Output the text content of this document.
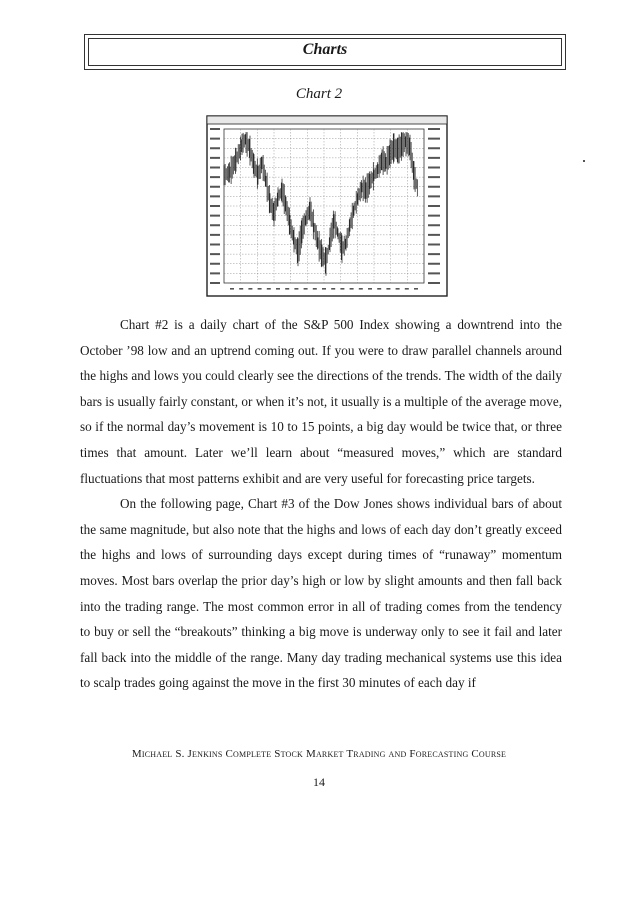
Charts
Chart 2

Chart #2 is a daily chart of the S&P 500 Index showing a downtrend into the October ’98 low and an uptrend coming out. If you were to draw parallel channels around the highs and lows you could clearly see the directions of the trends. The width of the daily bars is usually fairly constant, or when it’s not, it usually is a multiple of the average move, so if the normal day’s movement is 10 to 15 points, a big day would be twice that, or three times that amount. Later we’ll learn about “measured moves,” which are standard fluctuations that most patterns exhibit and are very useful for forecasting price targets.

On the following page, Chart #3 of the Dow Jones shows individual bars of about the same magnitude, but also note that the highs and lows of each day don’t greatly exceed the highs and lows of surrounding days except during times of “runaway” momentum moves. Most bars overlap the prior day’s high or low by slight amounts and then fall back into the trading range. The most common error in all of trading comes from the tendency to buy or sell the “breakouts” thinking a big move is underway only to see it fail and later fall back into the middle of the range. Many day trading mechanical systems use this idea to scalp trades going against the move in the first 30 minutes of each day if

Michael S. Jenkins Complete Stock Market Trading and Forecasting Course
14
